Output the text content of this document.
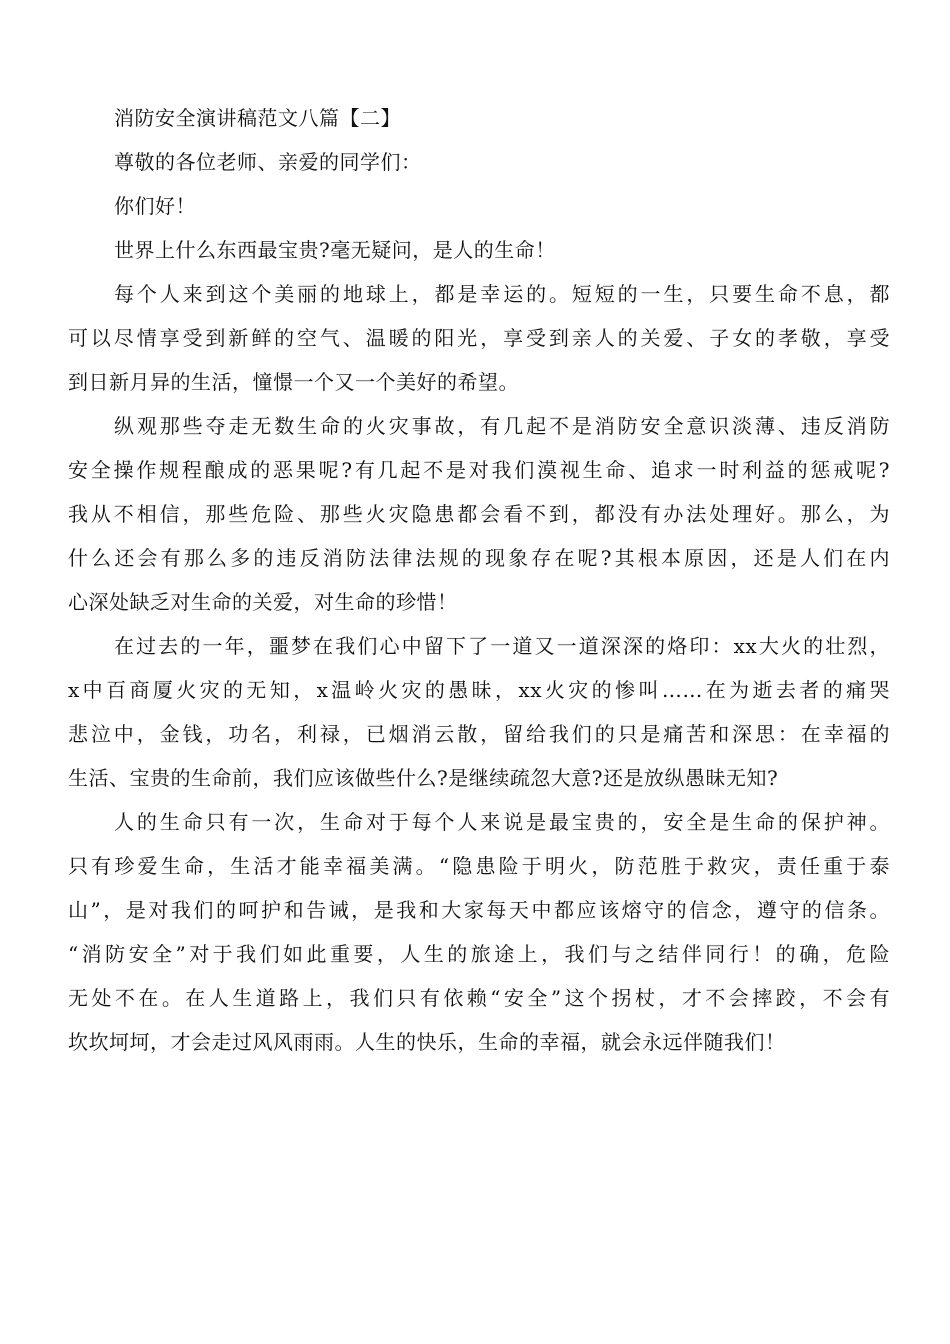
消防安全演讲稿范文八篇【二】
尊敬的各位老师、亲爱的同学们：
你们好！
世界上什么东西最宝贵?毫无疑问，是人的生命！
每个人来到这个美丽的地球上，都是幸运的。短短的一生，只要生命不息，都
可以尽情享受到新鲜的空气、温暖的阳光，享受到亲人的关爱、子女的孝敬，享受
到日新月异的生活，憧憬一个又一个美好的希望。
纵观那些夺走无数生命的火灾事故，有几起不是消防安全意识淡薄、违反消防
安全操作规程酿成的恶果呢?有几起不是对我们漠视生命、追求一时利益的惩戒呢?
我从不相信，那些危险、那些火灾隐患都会看不到，都没有办法处理好。那么，为
什么还会有那么多的违反消防法律法规的现象存在呢?其根本原因，还是人们在内
心深处缺乏对生命的关爱，对生命的珍惜！
在过去的一年，噩梦在我们心中留下了一道又一道深深的烙印：xx大火的壮烈，
x中百商厦火灾的无知，x温岭火灾的愚昧，xx火灾的惨叫……在为逝去者的痛哭
悲泣中，金钱，功名，利禄，已烟消云散，留给我们的只是痛苦和深思：在幸福的
生活、宝贵的生命前，我们应该做些什么?是继续疏忽大意?还是放纵愚昧无知?
人的生命只有一次，生命对于每个人来说是最宝贵的，安全是生命的保护神。
只有珍爱生命，生活才能幸福美满。“隐患险于明火，防范胜于救灾，责任重于泰
山”，是对我们的呵护和告诫，是我和大家每天中都应该熔守的信念，遵守的信条。
“消防安全”对于我们如此重要，人生的旅途上，我们与之结伴同行！的确，危险
无处不在。在人生道路上，我们只有依赖“安全”这个拐杖，才不会摔跤，不会有
坎坎坷坷，才会走过风风雨雨。人生的快乐，生命的幸福，就会永远伴随我们！
